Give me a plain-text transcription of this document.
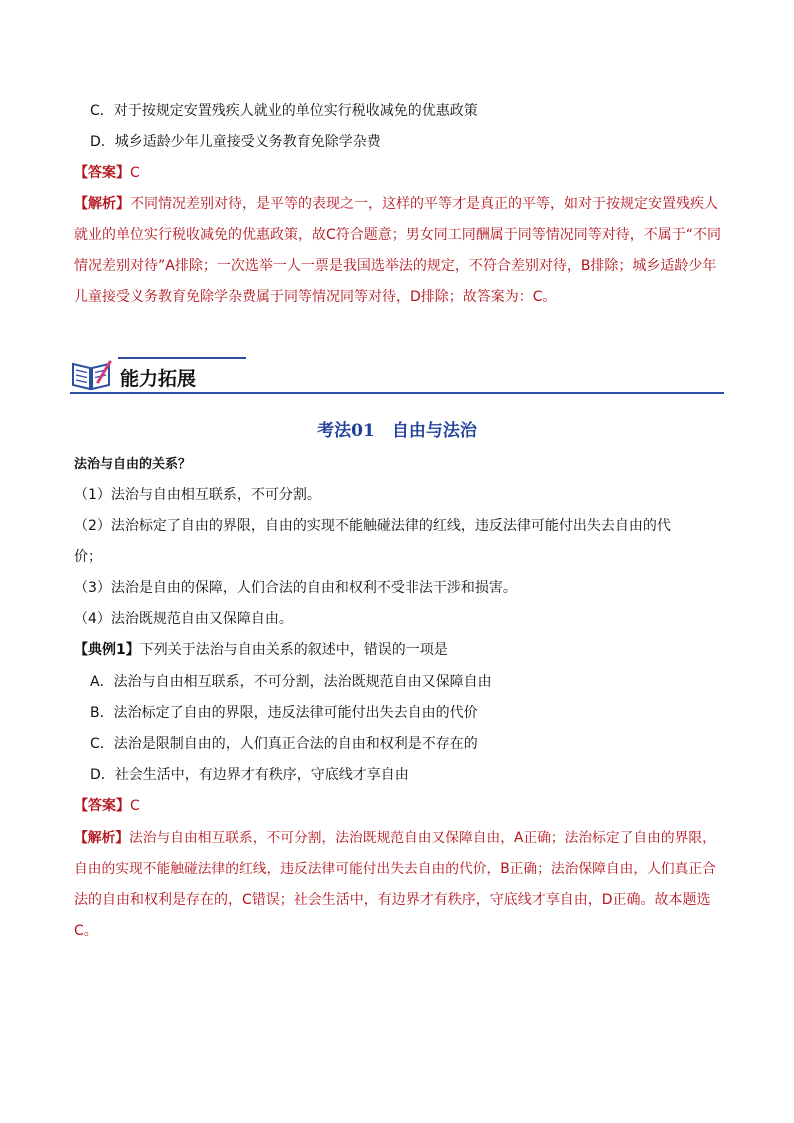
C．对于按规定安置残疾人就业的单位实行税收减免的优惠政策
D．城乡适龄少年儿童接受义务教育免除学杂费
【答案】C
【解析】不同情况差别对待，是平等的表现之一，这样的平等才是真正的平等，如对于按规定安置残疾人
就业的单位实行税收减免的优惠政策，故C符合题意；男女同工同酬属于同等情况同等对待，不属于“不同
情况差别对待”A排除；一次选举一人一票是我国选举法的规定，不符合差别对待，B排除；城乡适龄少年
儿童接受义务教育免除学杂费属于同等情况同等对待，D排除；故答案为：C。
能力拓展
考法01　自由与法治
法治与自由的关系？
（1）法治与自由相互联系，不可分割。
（2）法治标定了自由的界限，自由的实现不能触碰法律的红线，违反法律可能付出失去自由的代
价；
（3）法治是自由的保障，人们合法的自由和权利不受非法干涉和损害。
（4）法治既规范自由又保障自由。
【典例1】下列关于法治与自由关系的叙述中，错误的一项是
A．法治与自由相互联系，不可分割，法治既规范自由又保障自由
B．法治标定了自由的界限，违反法律可能付出失去自由的代价
C．法治是限制自由的，人们真正合法的自由和权利是不存在的
D．社会生活中，有边界才有秩序，守底线才享自由
【答案】C
【解析】法治与自由相互联系，不可分割，法治既规范自由又保障自由，A正确；法治标定了自由的界限，
自由的实现不能触碰法律的红线，违反法律可能付出失去自由的代价，B正确；法治保障自由，人们真正合
法的自由和权利是存在的，C错误；社会生活中，有边界才有秩序，守底线才享自由，D正确。故本题选
C。
